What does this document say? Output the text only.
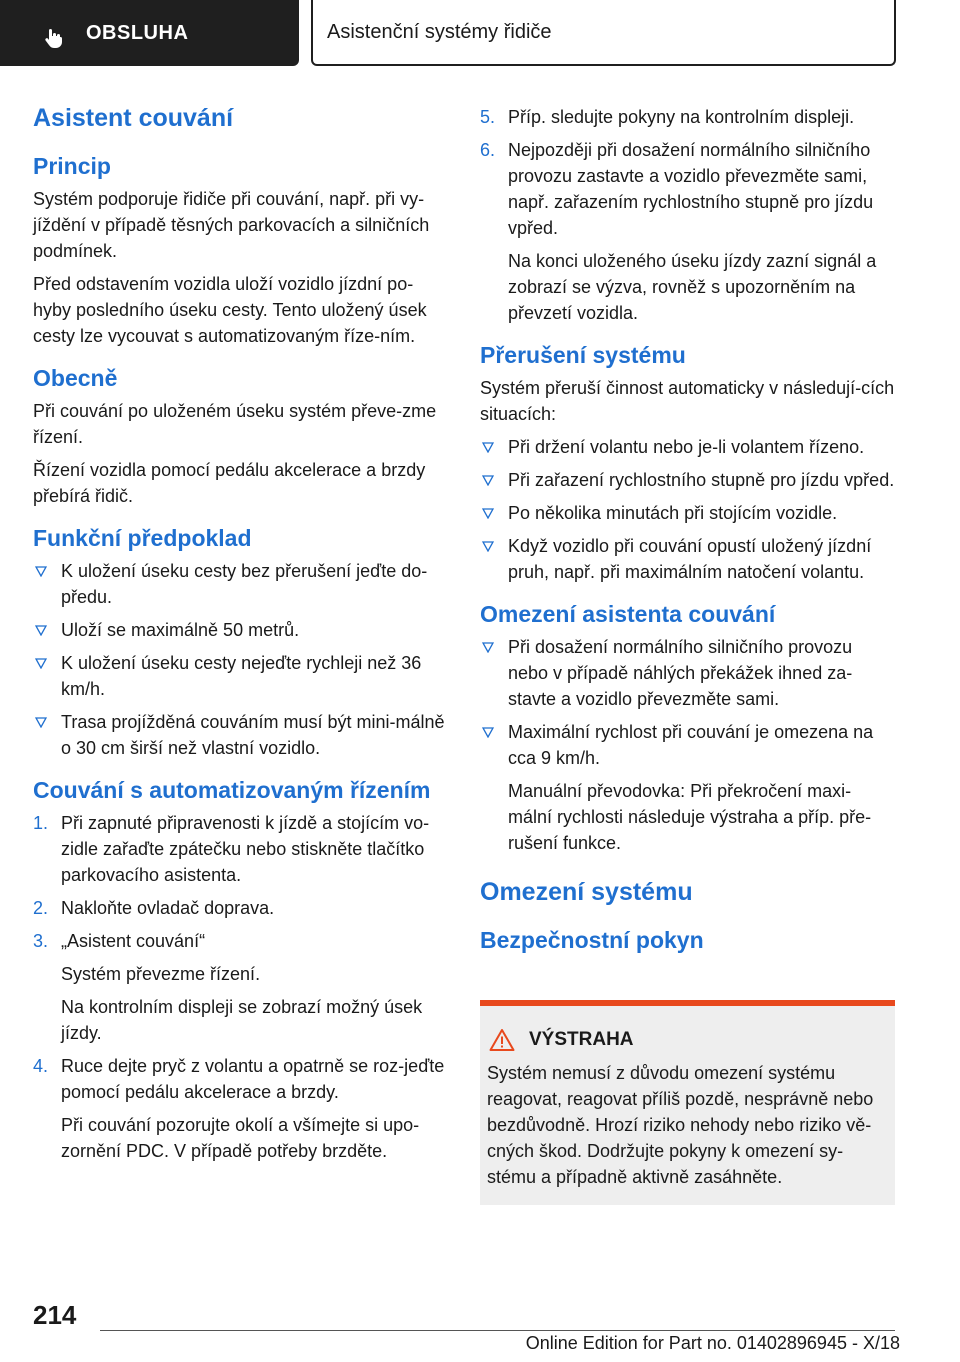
OBSLUHA	Asistenční systémy řidiče
Asistent couvání
Princip

Systém podporuje řidiče při couvání, např. při vy-jíždění v případě těsných parkovacích a silničních podmínek.

Před odstavením vozidla uloží vozidlo jízdní po-hyby posledního úseku cesty. Tento uložený úsek cesty lze vycouvat s automatizovaným říze-ním.

Obecně

Při couvání po uloženém úseku systém převe-zme řízení.

Řízení vozidla pomocí pedálu akcelerace a brzdy přebírá řidič.

Funkční předpoklad
K uložení úseku cesty bez přerušení jeďte do-předu.
Uloží se maximálně 50 metrů.
K uložení úseku cesty nejeďte rychleji než 36 km/h.
Trasa projížděná couváním musí být mini-málně o 30 cm širší než vlastní vozidlo.
Couvání s automatizovaným řízením
1. Při zapnuté připravenosti k jízdě a stojícím vo-zidle zařaďte zpátečku nebo stiskněte tlačítko parkovacího asistenta.
2. Nakloňte ovladač doprava.
3. „Asistent couvání“
Systém převezme řízení.
Na kontrolním displeji se zobrazí možný úsek jízdy.
4. Ruce dejte pryč z volantu a opatrně se roz-jeďte pomocí pedálu akcelerace a brzdy.
Při couvání pozorujte okolí a všímejte si upo-zornění PDC. V případě potřeby brzděte.
5. Příp. sledujte pokyny na kontrolním displeji.
6. Nejpozději při dosažení normálního silničního provozu zastavte a vozidlo převezměte sami, např. zařazením rychlostního stupně pro jízdu vpřed.
Na konci uloženého úseku jízdy zazní signál a zobrazí se výzva, rovněž s upozorněním na převzetí vozidla.
Přerušení systému

Systém přeruší činnost automaticky v následují-cích situacích:

Při držení volantu nebo je-li volantem řízeno.
Při zařazení rychlostního stupně pro jízdu vpřed.
Po několika minutách při stojícím vozidle.
Když vozidlo při couvání opustí uložený jízdní pruh, např. při maximálním natočení volantu.
Omezení asistenta couvání
Při dosažení normálního silničního provozu nebo v případě náhlých překážek ihned za-stavte a vozidlo převezměte sami.
Maximální rychlost při couvání je omezena na cca 9 km/h.
Manuální převodovka: Při překročení maxi-mální rychlosti následuje výstraha a příp. pře-rušení funkce.
Omezení systému
Bezpečnostní pokyn
VÝSTRAHA

Systém nemusí z důvodu omezení systému reagovat, reagovat příliš pozdě, nesprávně nebo bezdůvodně. Hrozí riziko nehody nebo riziko vě-cných škod. Dodržujte pokyny k omezení sy-stému a případně aktivně zasáhněte.

214
Online Edition for Part no. 01402896945 - X/18
